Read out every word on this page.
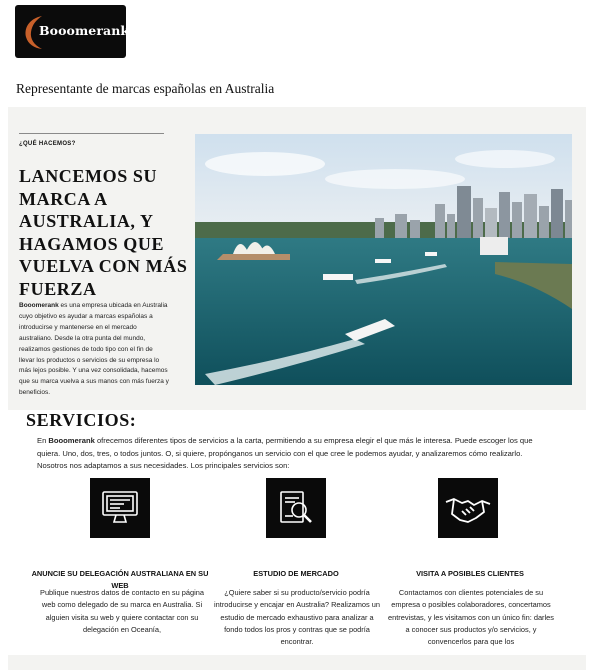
Booomerank
Representante de marcas españolas en Australia
¿QUÉ HACEMOS?
LANCEMOS SU MARCA A AUSTRALIA, Y HAGAMOS QUE VUELVA CON MÁS FUERZA

Booomerank es una empresa ubicada en Australia cuyo objetivo es ayudar a marcas españolas a introducirse y mantenerse en el mercado australiano. Desde la otra punta del mundo, realizamos gestiones de todo tipo con el fin de llevar los productos o servicios de su empresa lo más lejos posible. Y una vez consolidada, hacemos que su marca vuelva a sus manos con más fuerza y beneficios.

SERVICIOS:

En Booomerank ofrecemos diferentes tipos de servicios a la carta, permitiendo a su empresa elegir el que más le interesa. Puede escoger los que quiera. Uno, dos, tres, o todos juntos. O, si quiere, propónganos un servicio con el que cree le podemos ayudar, y analizaremos cómo realizarlo. Nosotros nos adaptamos a sus necesidades. Los principales servicios son:

ANUNCIE SU DELEGACIÓN AUSTRALIANA EN SU WEB
ESTUDIO DE MERCADO	VISITA A POSIBLES CLIENTES
Publique nuestros datos de contacto en su página web como delegado de su marca en Australia. Si alguien visita su web y quiere contactar con su delegación en Oceanía,
¿Quiere saber si su producto/servicio podría introducirse y encajar en Australia? Realizamos un estudio de mercado exhaustivo para analizar a fondo todos los pros y contras que se podría encontrar.
Contactamos con clientes potenciales de su empresa o posibles colaboradores, concertamos entrevistas, y les visitamos con un único fin: darles a conocer sus productos y/o servicios, y convencerlos para que los
